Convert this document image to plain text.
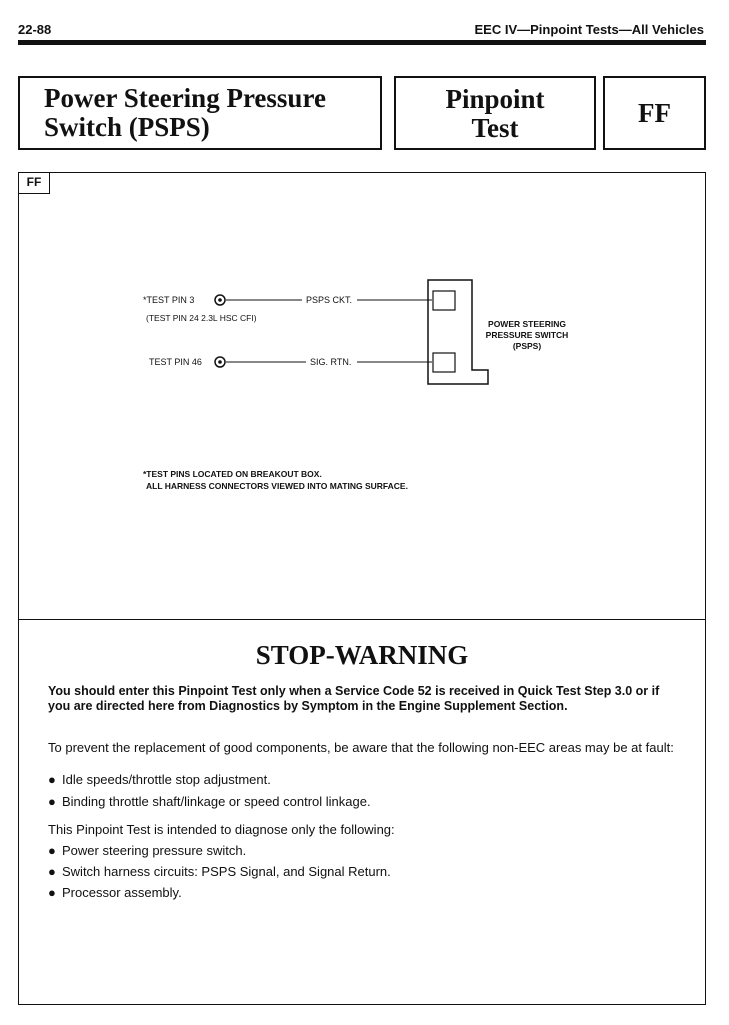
22-88	EEC IV—Pinpoint Tests—All Vehicles
Power Steering Pressure
Switch (PSPS)
Pinpoint
Test	FF
FF
*TEST PIN 3
(TEST PIN 24 2.3L HSC CFI)
PSPS CKT.
TEST PIN 46	SIG. RTN.
POWER STEERING
PRESSURE SWITCH
(PSPS)
*TEST PINS LOCATED ON BREAKOUT BOX.
ALL HARNESS CONNECTORS VIEWED INTO MATING SURFACE.
STOP-WARNING
You should enter this Pinpoint Test only when a Service Code 52 is received in Quick Test Step 3.0 or if you are directed here from Diagnostics by Symptom in the Engine Supplement Section.
To prevent the replacement of good components, be aware that the following non-EEC areas may be at fault:
● Idle speeds/throttle stop adjustment.
● Binding throttle shaft/linkage or speed control linkage.
This Pinpoint Test is intended to diagnose only the following:
● Power steering pressure switch.
● Switch harness circuits: PSPS Signal, and Signal Return.
● Processor assembly.
